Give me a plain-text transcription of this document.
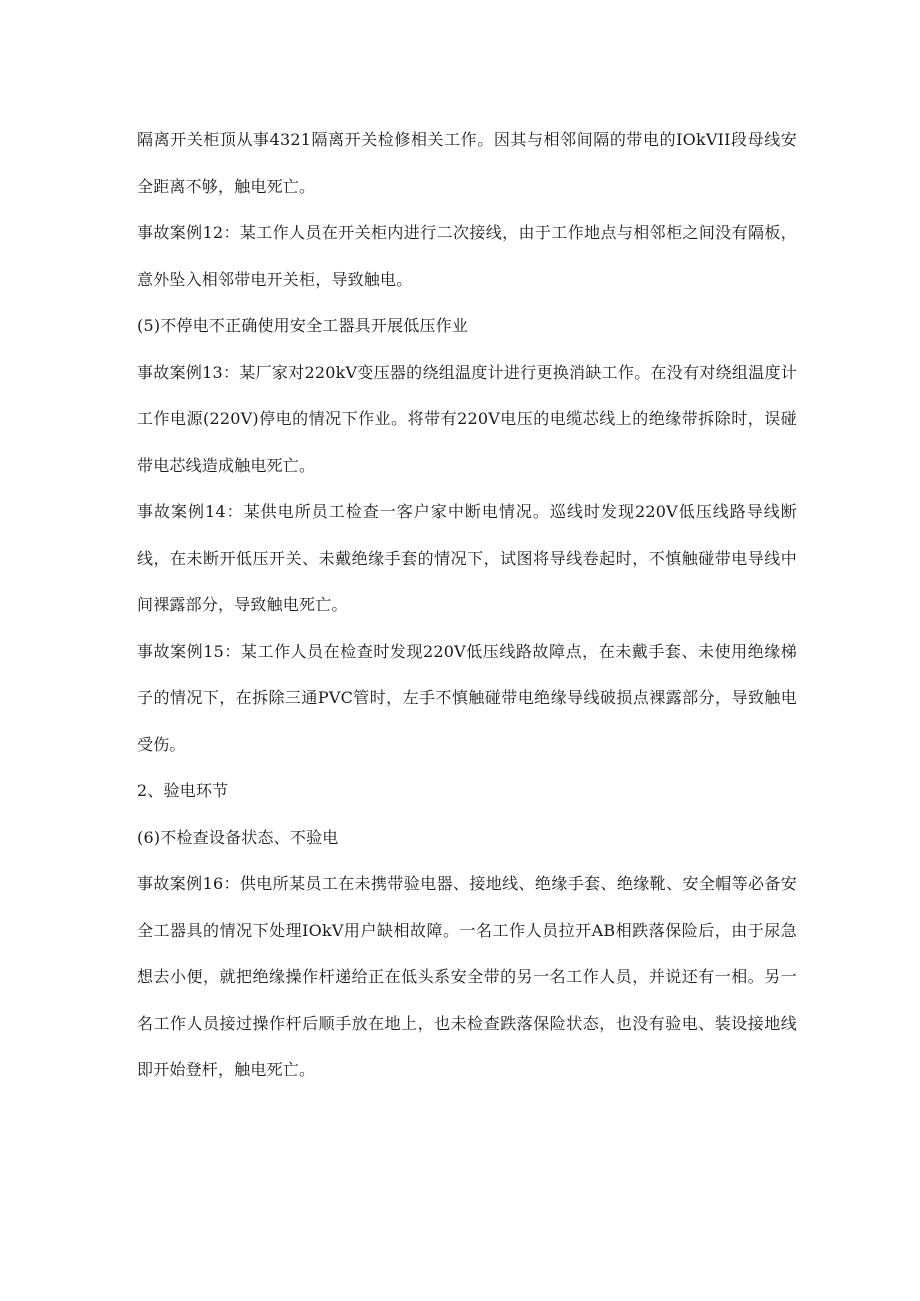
隔离开关柜顶从事4321隔离开关检修相关工作。因其与相邻间隔的带电的IOkVII段母线安全距离不够，触电死亡。

事故案例12：某工作人员在开关柜内进行二次接线，由于工作地点与相邻柜之间没有隔板，意外坠入相邻带电开关柜，导致触电。

(5)不停电不正确使用安全工器具开展低压作业

事故案例13：某厂家对220kV变压器的绕组温度计进行更换消缺工作。在没有对绕组温度计工作电源(220V)停电的情况下作业。将带有220V电压的电缆芯线上的绝缘带拆除时，误碰带电芯线造成触电死亡。

事故案例14：某供电所员工检查一客户家中断电情况。巡线时发现220V低压线路导线断线，在未断开低压开关、未戴绝缘手套的情况下，试图将导线卷起时，不慎触碰带电导线中间裸露部分，导致触电死亡。

事故案例15：某工作人员在检查时发现220V低压线路故障点，在未戴手套、未使用绝缘梯子的情况下，在拆除三通PVC管时，左手不慎触碰带电绝缘导线破损点裸露部分，导致触电受伤。

2、验电环节

(6)不检查设备状态、不验电

事故案例16：供电所某员工在未携带验电器、接地线、绝缘手套、绝缘靴、安全帽等必备安全工器具的情况下处理IOkV用户缺相故障。一名工作人员拉开AB相跌落保险后，由于尿急想去小便，就把绝缘操作杆递给正在低头系安全带的另一名工作人员，并说还有一相。另一名工作人员接过操作杆后顺手放在地上，也未检查跌落保险状态，也没有验电、装设接地线即开始登杆，触电死亡。
